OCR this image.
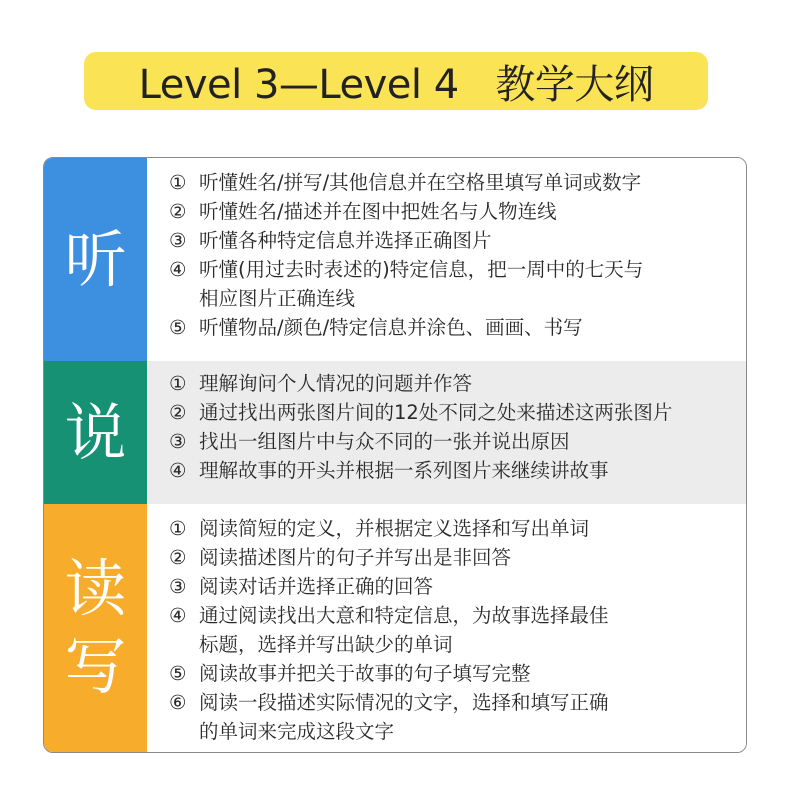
Level 3—Level 4   教学大纲
听
① 听懂姓名/拼写/其他信息并在空格里填写单词或数字
② 听懂姓名/描述并在图中把姓名与人物连线
③ 听懂各种特定信息并选择正确图片
④ 听懂(用过去时表述的)特定信息，把一周中的七天与
相应图片正确连线
⑤ 听懂物品/颜色/特定信息并涂色、画画、书写
说
① 理解询问个人情况的问题并作答
② 通过找出两张图片间的12处不同之处来描述这两张图片
③ 找出一组图片中与众不同的一张并说出原因
④ 理解故事的开头并根据一系列图片来继续讲故事
读
写
① 阅读简短的定义，并根据定义选择和写出单词
② 阅读描述图片的句子并写出是非回答
③ 阅读对话并选择正确的回答
④ 通过阅读找出大意和特定信息，为故事选择最佳
标题，选择并写出缺少的单词
⑤ 阅读故事并把关于故事的句子填写完整
⑥ 阅读一段描述实际情况的文字，选择和填写正确
的单词来完成这段文字
